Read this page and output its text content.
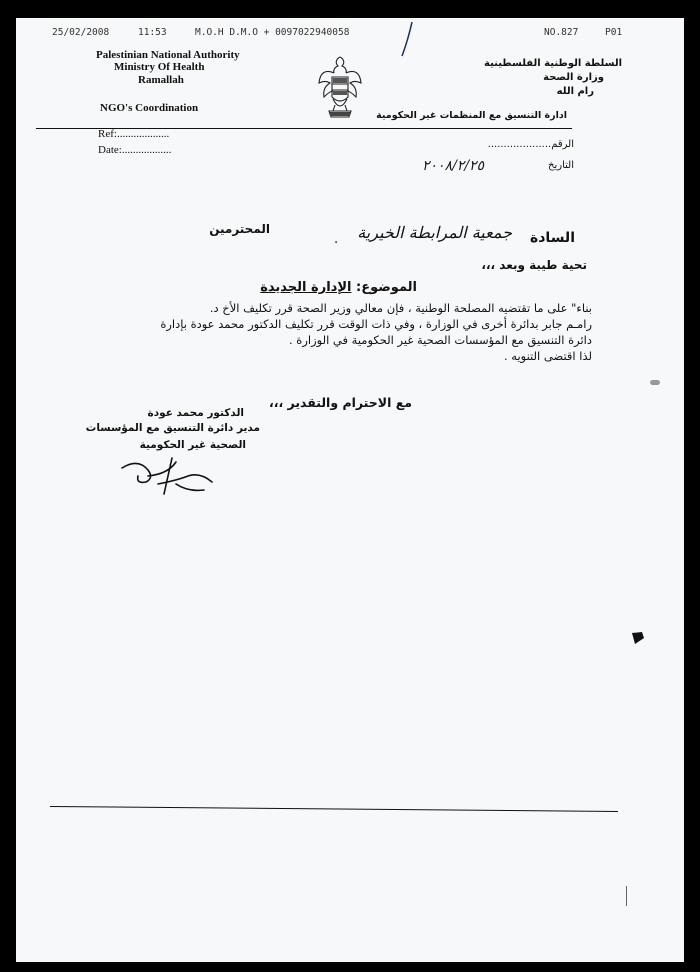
25/02/2008	11:53	M.O.H D.M.O + 0097022940058	NO.827	P01
Palestinian National Authority
Ministry Of Health
Ramallah
NGO's Coordination
السلطة الوطنية الفلسطينية
وزارة الصحة
رام الله
ادارة التنسيق مع المنظمات غير الحكومية
Ref:...................
Date:..................	الرقم....................
التاريخ
٢٠٠٨/٢/٢٥
السادة
جمعية المرابطة الخيرية
.
المحترمين
تحية طيبة وبعد ،،،
الموضوع: الإدارة الجديدة
بناء" على ما تقتضيه المصلحة الوطنية ، فإن معالي وزير الصحة قرر تكليف الأخ د.
رامـم جابر بدائرة أخرى في الوزارة ، وفي ذات الوقت قرر تكليف الدكتور محمد عودة بإدارة
دائرة التنسيق مع المؤسسات الصحية غير الحكومية في الوزارة .
لذا اقتضى التنويه .
مع الاحترام والتقدير ،،،
الدكتور محمد عودة
مدير دائرة التنسيق مع المؤسسات
الصحية غير الحكومية
